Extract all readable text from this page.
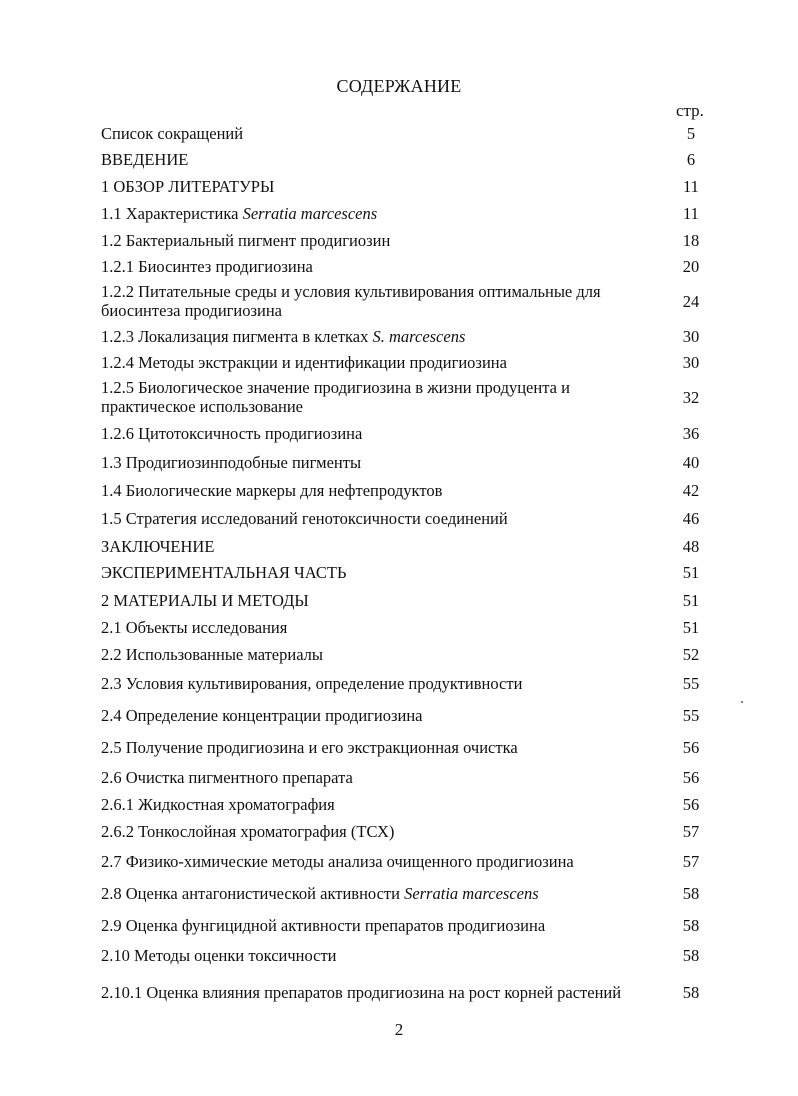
СОДЕРЖАНИЕ
стр.
Список сокращений	5
ВВЕДЕНИЕ	6
1 ОБЗОР ЛИТЕРАТУРЫ	11
1.1 Характеристика Serratia marcescens	11
1.2 Бактериальный пигмент продигиозин	18
1.2.1 Биосинтез продигиозина	20
1.2.2 Питательные среды и условия культивирования оптимальные для биосинтеза продигиозина	24
1.2.3 Локализация пигмента в клетках S. marcescens	30
1.2.4 Методы экстракции и идентификации продигиозина	30
1.2.5 Биологическое значение продигиозина в жизни продуцента и практическое использование	32
1.2.6 Цитотоксичность продигиозина	36
1.3 Продигиозинподобные пигменты	40
1.4 Биологические маркеры для нефтепродуктов	42
1.5 Стратегия исследований генотоксичности соединений	46
ЗАКЛЮЧЕНИЕ	48
ЭКСПЕРИМЕНТАЛЬНАЯ ЧАСТЬ	51
2 МАТЕРИАЛЫ И МЕТОДЫ	51
2.1 Объекты исследования	51
2.2 Использованные материалы	52
2.3 Условия культивирования, определение продуктивности	55
2.4 Определение концентрации продигиозина	55
2.5 Получение продигиозина и его экстракционная очистка	56
2.6 Очистка пигментного препарата	56
2.6.1 Жидкостная хроматография	56
2.6.2 Тонкослойная хроматография (ТСХ)	57
2.7 Физико-химические методы анализа очищенного продигиозина	57
2.8 Оценка антагонистической активности Serratia marcescens	58
2.9 Оценка фунгицидной активности препаратов продигиозина	58
2.10 Методы оценки токсичности	58
2.10.1 Оценка влияния препаратов продигиозина на рост корней растений	58
2
